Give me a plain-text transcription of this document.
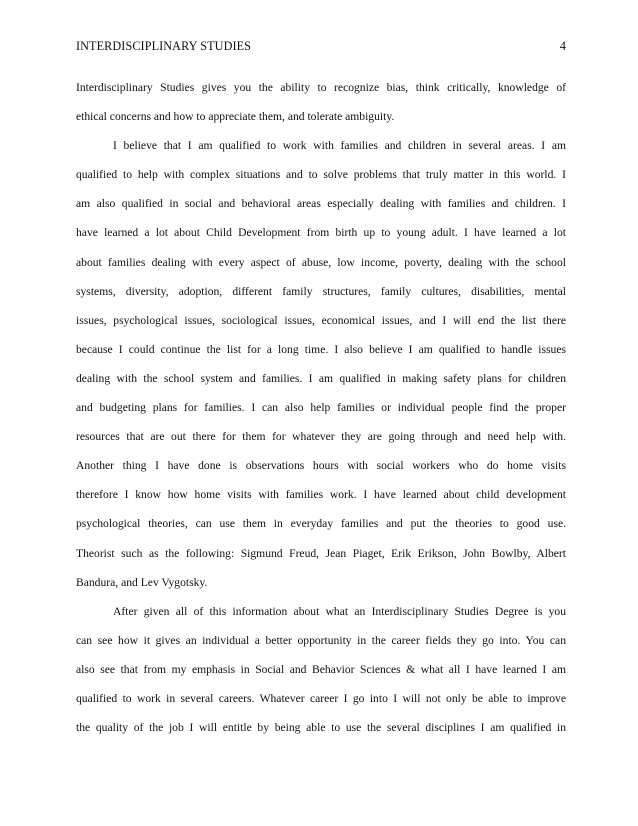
INTERDISCIPLINARY STUDIES	4

Interdisciplinary Studies gives you the ability to recognize bias, think critically, knowledge of
ethical concerns and how to appreciate them, and tolerate ambiguity.

I believe that I am qualified to work with families and children in several areas. I am
qualified to help with complex situations and to solve problems that truly matter in this world. I
am also qualified in social and behavioral areas especially dealing with families and children. I
have learned a lot about Child Development from birth up to young adult. I have learned a lot
about families dealing with every aspect of abuse, low income, poverty, dealing with the school
systems, diversity, adoption, different family structures, family cultures, disabilities, mental
issues, psychological issues, sociological issues, economical issues, and I will end the list there
because I could continue the list for a long time. I also believe I am qualified to handle issues
dealing with the school system and families. I am qualified in making safety plans for children
and budgeting plans for families. I can also help families or individual people find the proper
resources that are out there for them for whatever they are going through and need help with.
Another thing I have done is observations hours with social workers who do home visits
therefore I know how home visits with families work. I have learned about child development
psychological theories, can use them in everyday families and put the theories to good use.
Theorist such as the following: Sigmund Freud, Jean Piaget, Erik Erikson, John Bowlby, Albert
Bandura, and Lev Vygotsky.

After given all of this information about what an Interdisciplinary Studies Degree is you
can see how it gives an individual a better opportunity in the career fields they go into. You can
also see that from my emphasis in Social and Behavior Sciences & what all I have learned I am
qualified to work in several careers. Whatever career I go into I will not only be able to improve
the quality of the job I will entitle by being able to use the several disciplines I am qualified in
